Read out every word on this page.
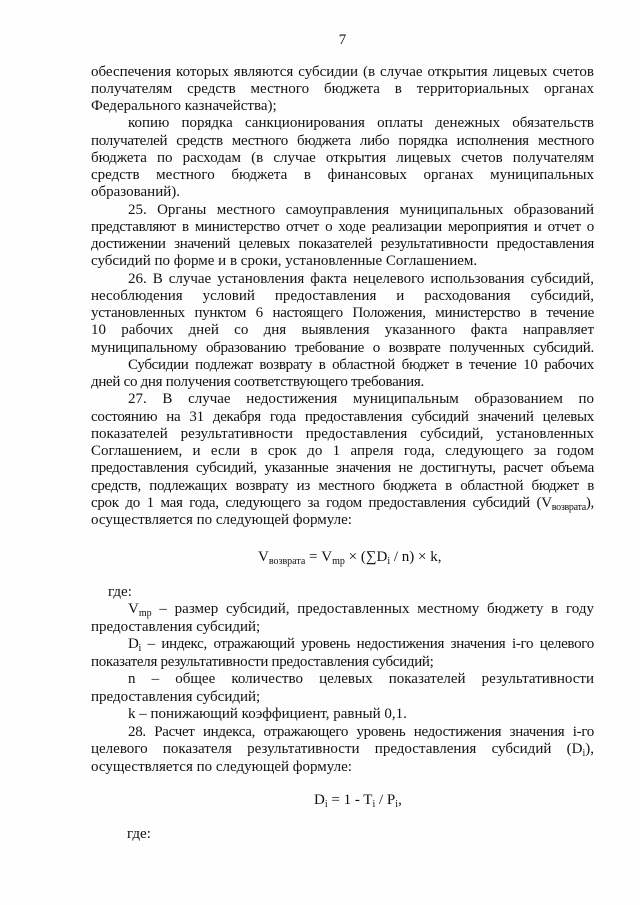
7
обеспечения которых являются субсидии (в случае открытия лицевых счетов
получателям средств местного бюджета в территориальных органах
Федерального казначейства);
копию порядка санкционирования оплаты денежных обязательств
получателей средств местного бюджета либо порядка исполнения местного
бюджета по расходам (в случае открытия лицевых счетов получателям
средств местного бюджета в финансовых органах муниципальных
образований).
25. Органы местного самоуправления муниципальных образований
представляют в министерство отчет о ходе реализации мероприятия и отчет о
достижении значений целевых показателей результативности предоставления
субсидий по форме и в сроки, установленные Соглашением.
26. В случае установления факта нецелевого использования субсидий,
несоблюдения условий предоставления и расходования субсидий,
установленных пунктом 6 настоящего Положения, министерство в течение
10 рабочих дней со дня выявления указанного факта направляет
муниципальному образованию требование о возврате полученных субсидий.
Субсидии подлежат возврату в областной бюджет в течение 10 рабочих
дней со дня получения соответствующего требования.
27. В случае недостижения муниципальным образованием по
состоянию на 31 декабря года предоставления субсидий значений целевых
показателей результативности предоставления субсидий, установленных
Соглашением, и если в срок до 1 апреля года, следующего за годом
предоставления субсидий, указанные значения не достигнуты, расчет объема
средств, подлежащих возврату из местного бюджета в областной бюджет в
срок до 1 мая года, следующего за годом предоставления субсидий $(V_{возврата})$,
осуществляется по следующей формуле:
$V_{возврата} = V_{mp} \times (\sum D_i / n) \times k$,
где:
$V_{mp}$ – размер субсидий, предоставленных местному бюджету в году
предоставления субсидий;
$D_i$ – индекс, отражающий уровень недостижения значения i-го целевого
показателя результативности предоставления субсидий;
n – общее количество целевых показателей результативности
предоставления субсидий;
k – понижающий коэффициент, равный 0,1.
28. Расчет индекса, отражающего уровень недостижения значения i-го
целевого показателя результативности предоставления субсидий $(D_i)$,
осуществляется по следующей формуле:
$D_i = 1 - T_i / P_i$,
где:
